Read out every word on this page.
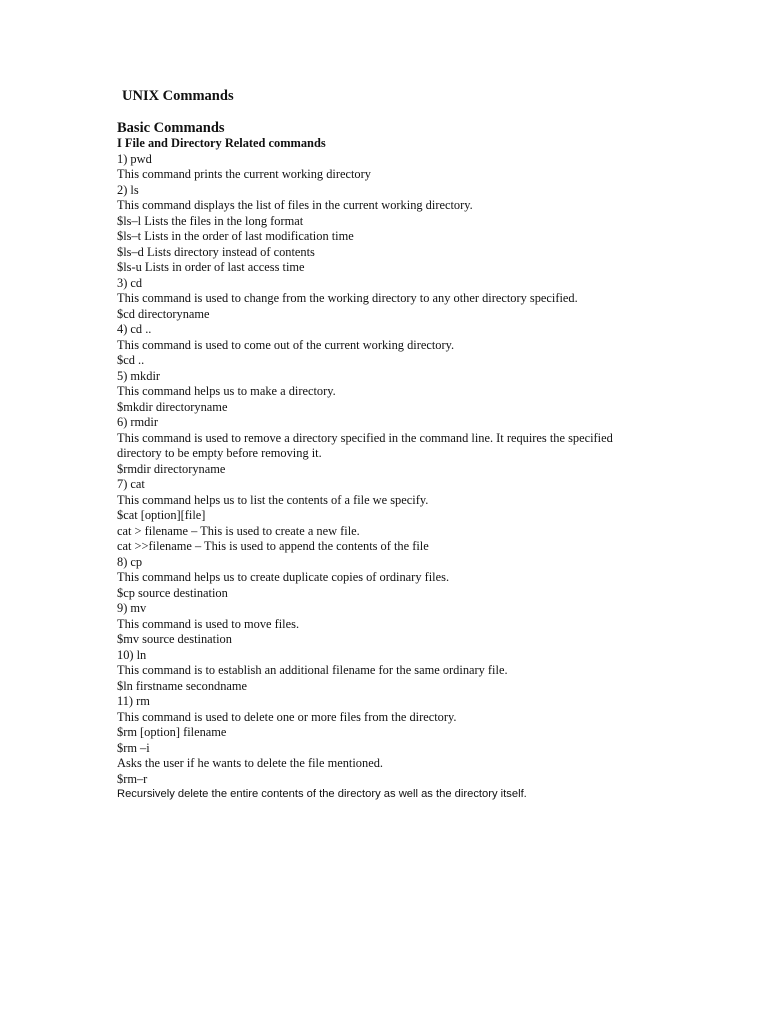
UNIX Commands
Basic Commands
I File and Directory Related commands
1) pwd
This command prints the current working directory
2) ls
This command displays the list of files in the current working directory.
$ls–l Lists the files in the long format
$ls–t Lists in the order of last modification time
$ls–d Lists directory instead of contents
$ls-u Lists in order of last access time
3) cd
This command is used to change from the working directory to any other directory specified.
$cd directoryname
4) cd ..
This command is used to come out of the current working directory.
$cd ..
5) mkdir
This command helps us to make a directory.
$mkdir directoryname
6) rmdir
This command is used to remove a directory specified in the command line. It requires the specified
directory to be empty before removing it.
$rmdir directoryname
7) cat
This command helps us to list the contents of a file we specify.
$cat [option][file]
cat > filename – This is used to create a new file.
cat >>filename – This is used to append the contents of the file
8) cp
This command helps us to create duplicate copies of ordinary files.
$cp source destination
9) mv
This command is used to move files.
$mv source destination
10) ln
This command is to establish an additional filename for the same ordinary file.
$ln firstname secondname
11) rm
This command is used to delete one or more files from the directory.
$rm [option] filename
$rm –i
Asks the user if he wants to delete the file mentioned.
$rm–r
Recursively delete the entire contents of the directory as well as the directory itself.
